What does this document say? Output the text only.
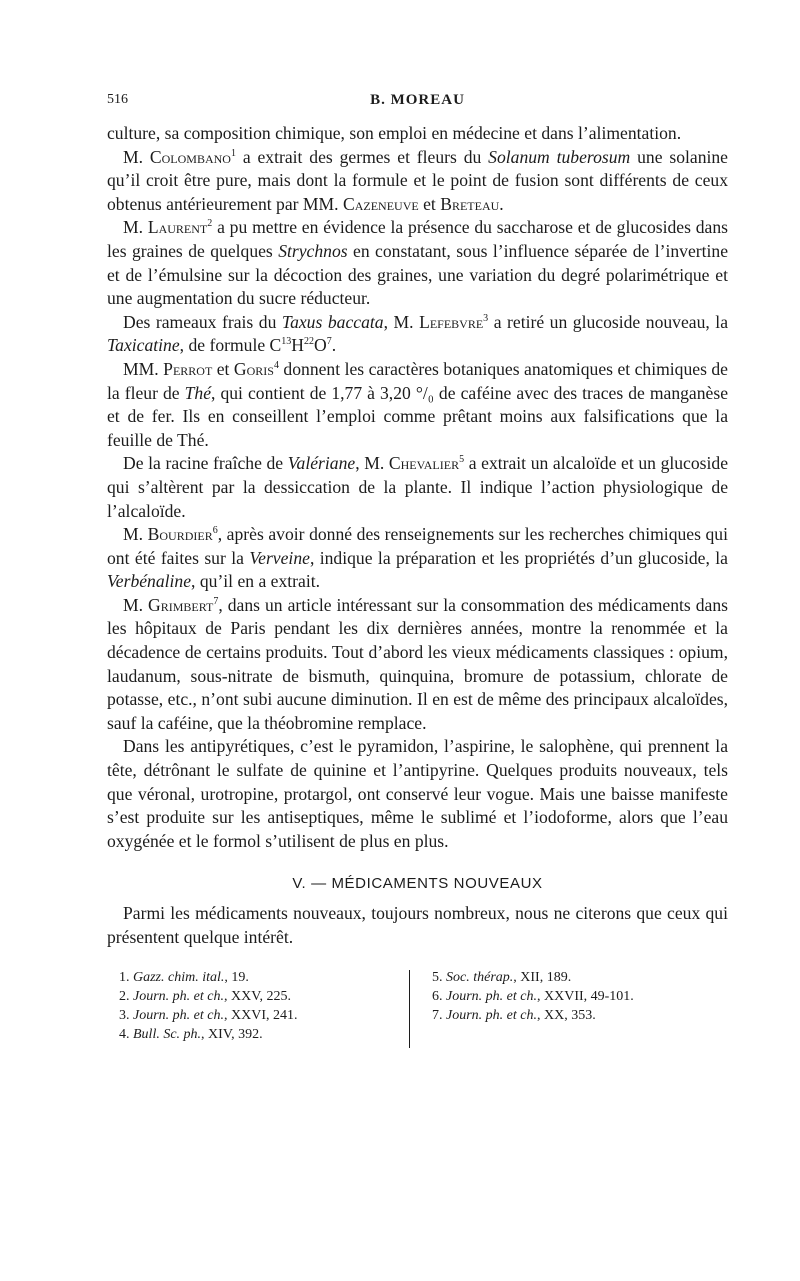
516	B. MOREAU

culture, sa composition chimique, son emploi en médecine et dans l’alimentation.

M. Colombano$^1$ a extrait des germes et fleurs du Solanum tuberosum une solanine qu’il croit être pure, mais dont la formule et le point de fusion sont différents de ceux obtenus antérieurement par MM. Cazeneuve et Breteau.

M. Laurent$^2$ a pu mettre en évidence la présence du saccharose et de glucosides dans les graines de quelques Strychnos en constatant, sous l’influence séparée de l’invertine et de l’émulsine sur la décoction des graines, une variation du degré polarimétrique et une augmentation du sucre réducteur.

Des rameaux frais du Taxus baccata, M. Lefebvre$^3$ a retiré un glucoside nouveau, la Taxicatine, de formule $C^{13}H^{22}O^7$.

MM. Perrot et Goris$^4$ donnent les caractères botaniques anatomiques et chimiques de la fleur de Thé, qui contient de 1,77 à 3,20 °/₀ de caféine avec des traces de manganèse et de fer. Ils en conseillent l’emploi comme prêtant moins aux falsifications que la feuille de Thé.

De la racine fraîche de Valériane, M. Chevalier$^5$ a extrait un alcaloïde et un glucoside qui s’altèrent par la dessiccation de la plante. Il indique l’action physiologique de l’alcaloïde.

M. Bourdier$^6$, après avoir donné des renseignements sur les recherches chimiques qui ont été faites sur la Verveine, indique la préparation et les propriétés d’un glucoside, la Verbénaline, qu’il en a extrait.

M. Grimbert$^7$, dans un article intéressant sur la consommation des médicaments dans les hôpitaux de Paris pendant les dix dernières années, montre la renommée et la décadence de certains produits. Tout d’abord les vieux médicaments classiques : opium, laudanum, sous-nitrate de bismuth, quinquina, bromure de potassium, chlorate de potasse, etc., n’ont subi aucune diminution. Il en est de même des principaux alcaloïdes, sauf la caféine, que la théobromine remplace.

Dans les antipyrétiques, c’est le pyramidon, l’aspirine, le salophène, qui prennent la tête, détrônant le sulfate de quinine et l’antipyrine. Quelques produits nouveaux, tels que véronal, urotropine, protargol, ont conservé leur vogue. Mais une baisse manifeste s’est produite sur les antiseptiques, même le sublimé et l’iodoforme, alors que l’eau oxygénée et le formol s’utilisent de plus en plus.

V. — MÉDICAMENTS NOUVEAUX

Parmi les médicaments nouveaux, toujours nombreux, nous ne citerons que ceux qui présentent quelque intérêt.

1. Gazz. chim. ital., 19.
2. Journ. ph. et ch., XXV, 225.
3. Journ. ph. et ch., XXVI, 241.
4. Bull. Sc. ph., XIV, 392.
5. Soc. thérap., XII, 189.
6. Journ. ph. et ch., XXVII, 49-101.
7. Journ. ph. et ch., XX, 353.
